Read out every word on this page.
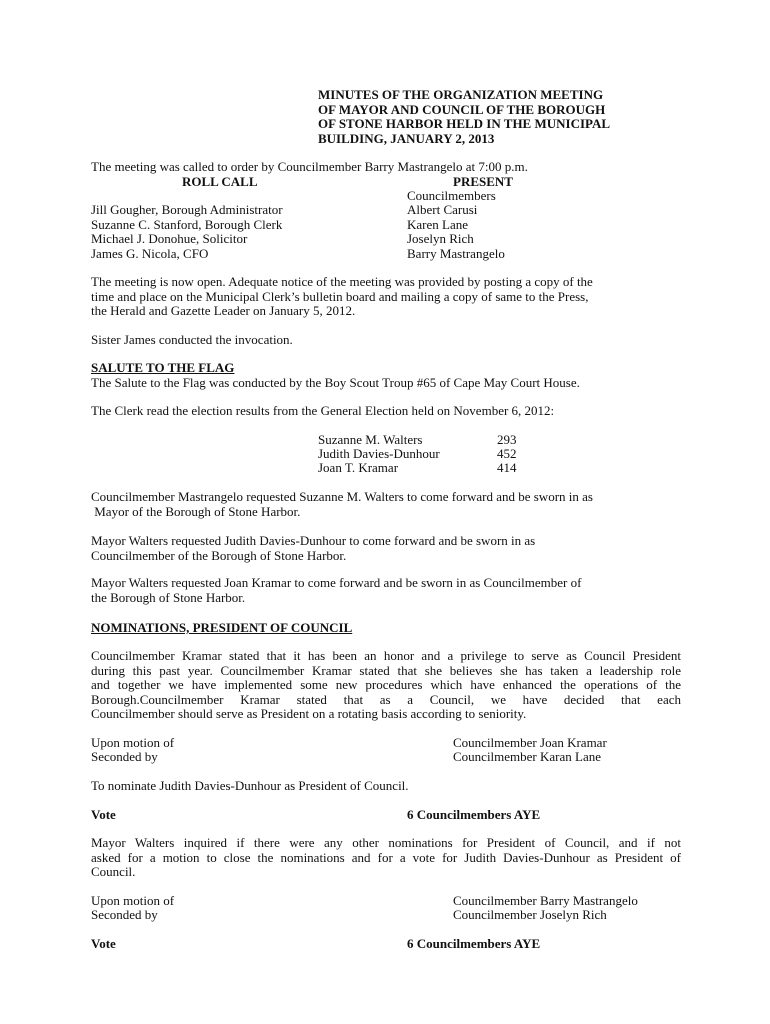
MINUTES OF THE ORGANIZATION MEETING
OF MAYOR AND COUNCIL OF THE BOROUGH
OF STONE HARBOR HELD IN THE MUNICIPAL
BUILDING, JANUARY 2, 2013
The meeting was called to order by Councilmember Barry Mastrangelo at 7:00 p.m.
ROLL CALL	PRESENT
Councilmembers
Jill Gougher, Borough Administrator	Albert Carusi
Suzanne C. Stanford, Borough Clerk	Karen Lane
Michael J. Donohue, Solicitor	Joselyn Rich
James G. Nicola, CFO	Barry Mastrangelo
The meeting is now open. Adequate notice of the meeting was provided by posting a copy of the
time and place on the Municipal Clerk’s bulletin board and mailing a copy of same to the Press,
the Herald and Gazette Leader on January 5, 2012.
Sister James conducted the invocation.
SALUTE TO THE FLAG
The Salute to the Flag was conducted by the Boy Scout Troup #65 of Cape May Court House.
The Clerk read the election results from the General Election held on November 6, 2012:
Suzanne M. Walters	293
Judith Davies-Dunhour	452
Joan T. Kramar	414
Councilmember Mastrangelo requested Suzanne M. Walters to come forward and be sworn in as
Mayor of the Borough of Stone Harbor.
Mayor Walters requested Judith Davies-Dunhour to come forward and be sworn in as
Councilmember of the Borough of Stone Harbor.
Mayor Walters requested Joan Kramar to come forward and be sworn in as Councilmember of
the Borough of Stone Harbor.
NOMINATIONS, PRESIDENT OF COUNCIL
Councilmember Kramar stated that it has been an honor and a privilege to serve as Council President
during this past year. Councilmember Kramar stated that she believes she has taken a leadership role
and together we have implemented some new procedures which have enhanced the operations of the
Borough.Councilmember Kramar stated that as a Council, we have decided that each
Councilmember should serve as President on a rotating basis according to seniority.
Upon motion of	Councilmember Joan Kramar
Seconded by	Councilmember Karan Lane
To nominate Judith Davies-Dunhour as President of Council.
Vote	6 Councilmembers AYE
Mayor Walters inquired if there were any other nominations for President of Council, and if not
asked for a motion to close the nominations and for a vote for Judith Davies-Dunhour as President of
Council.
Upon motion of	Councilmember Barry Mastrangelo
Seconded by	Councilmember Joselyn Rich
Vote	6 Councilmembers AYE
